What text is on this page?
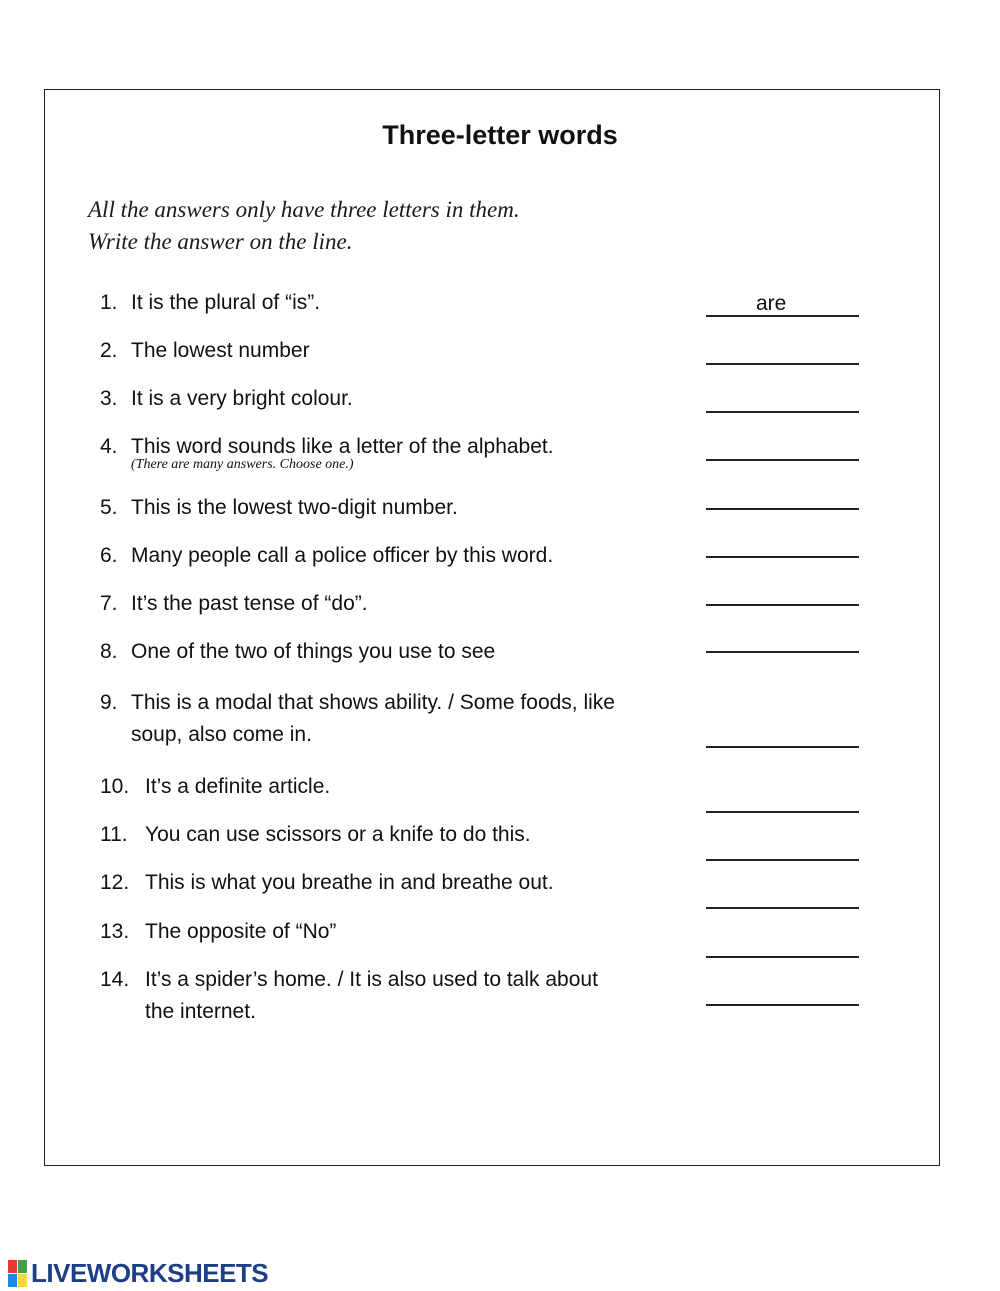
Three-letter words
All the answers only have three letters in them.
Write the answer on the line.
1. It is the plural of “is”.	are
2. The lowest number
3. It is a very bright colour.
4. This word sounds like a letter of the alphabet.
(There are many answers. Choose one.)
5. This is the lowest two-digit number.
6. Many people call a police officer by this word.
7. It’s the past tense of “do”.
8. One of the two of things you use to see
9. This is a modal that shows ability. / Some foods, like
soup, also come in.
10. It’s a definite article.
11. You can use scissors or a knife to do this.
12. This is what you breathe in and breathe out.
13. The opposite of “No”
14. It’s a spider’s home. / It is also used to talk about
the internet.
LIVEWORKSHEETS
